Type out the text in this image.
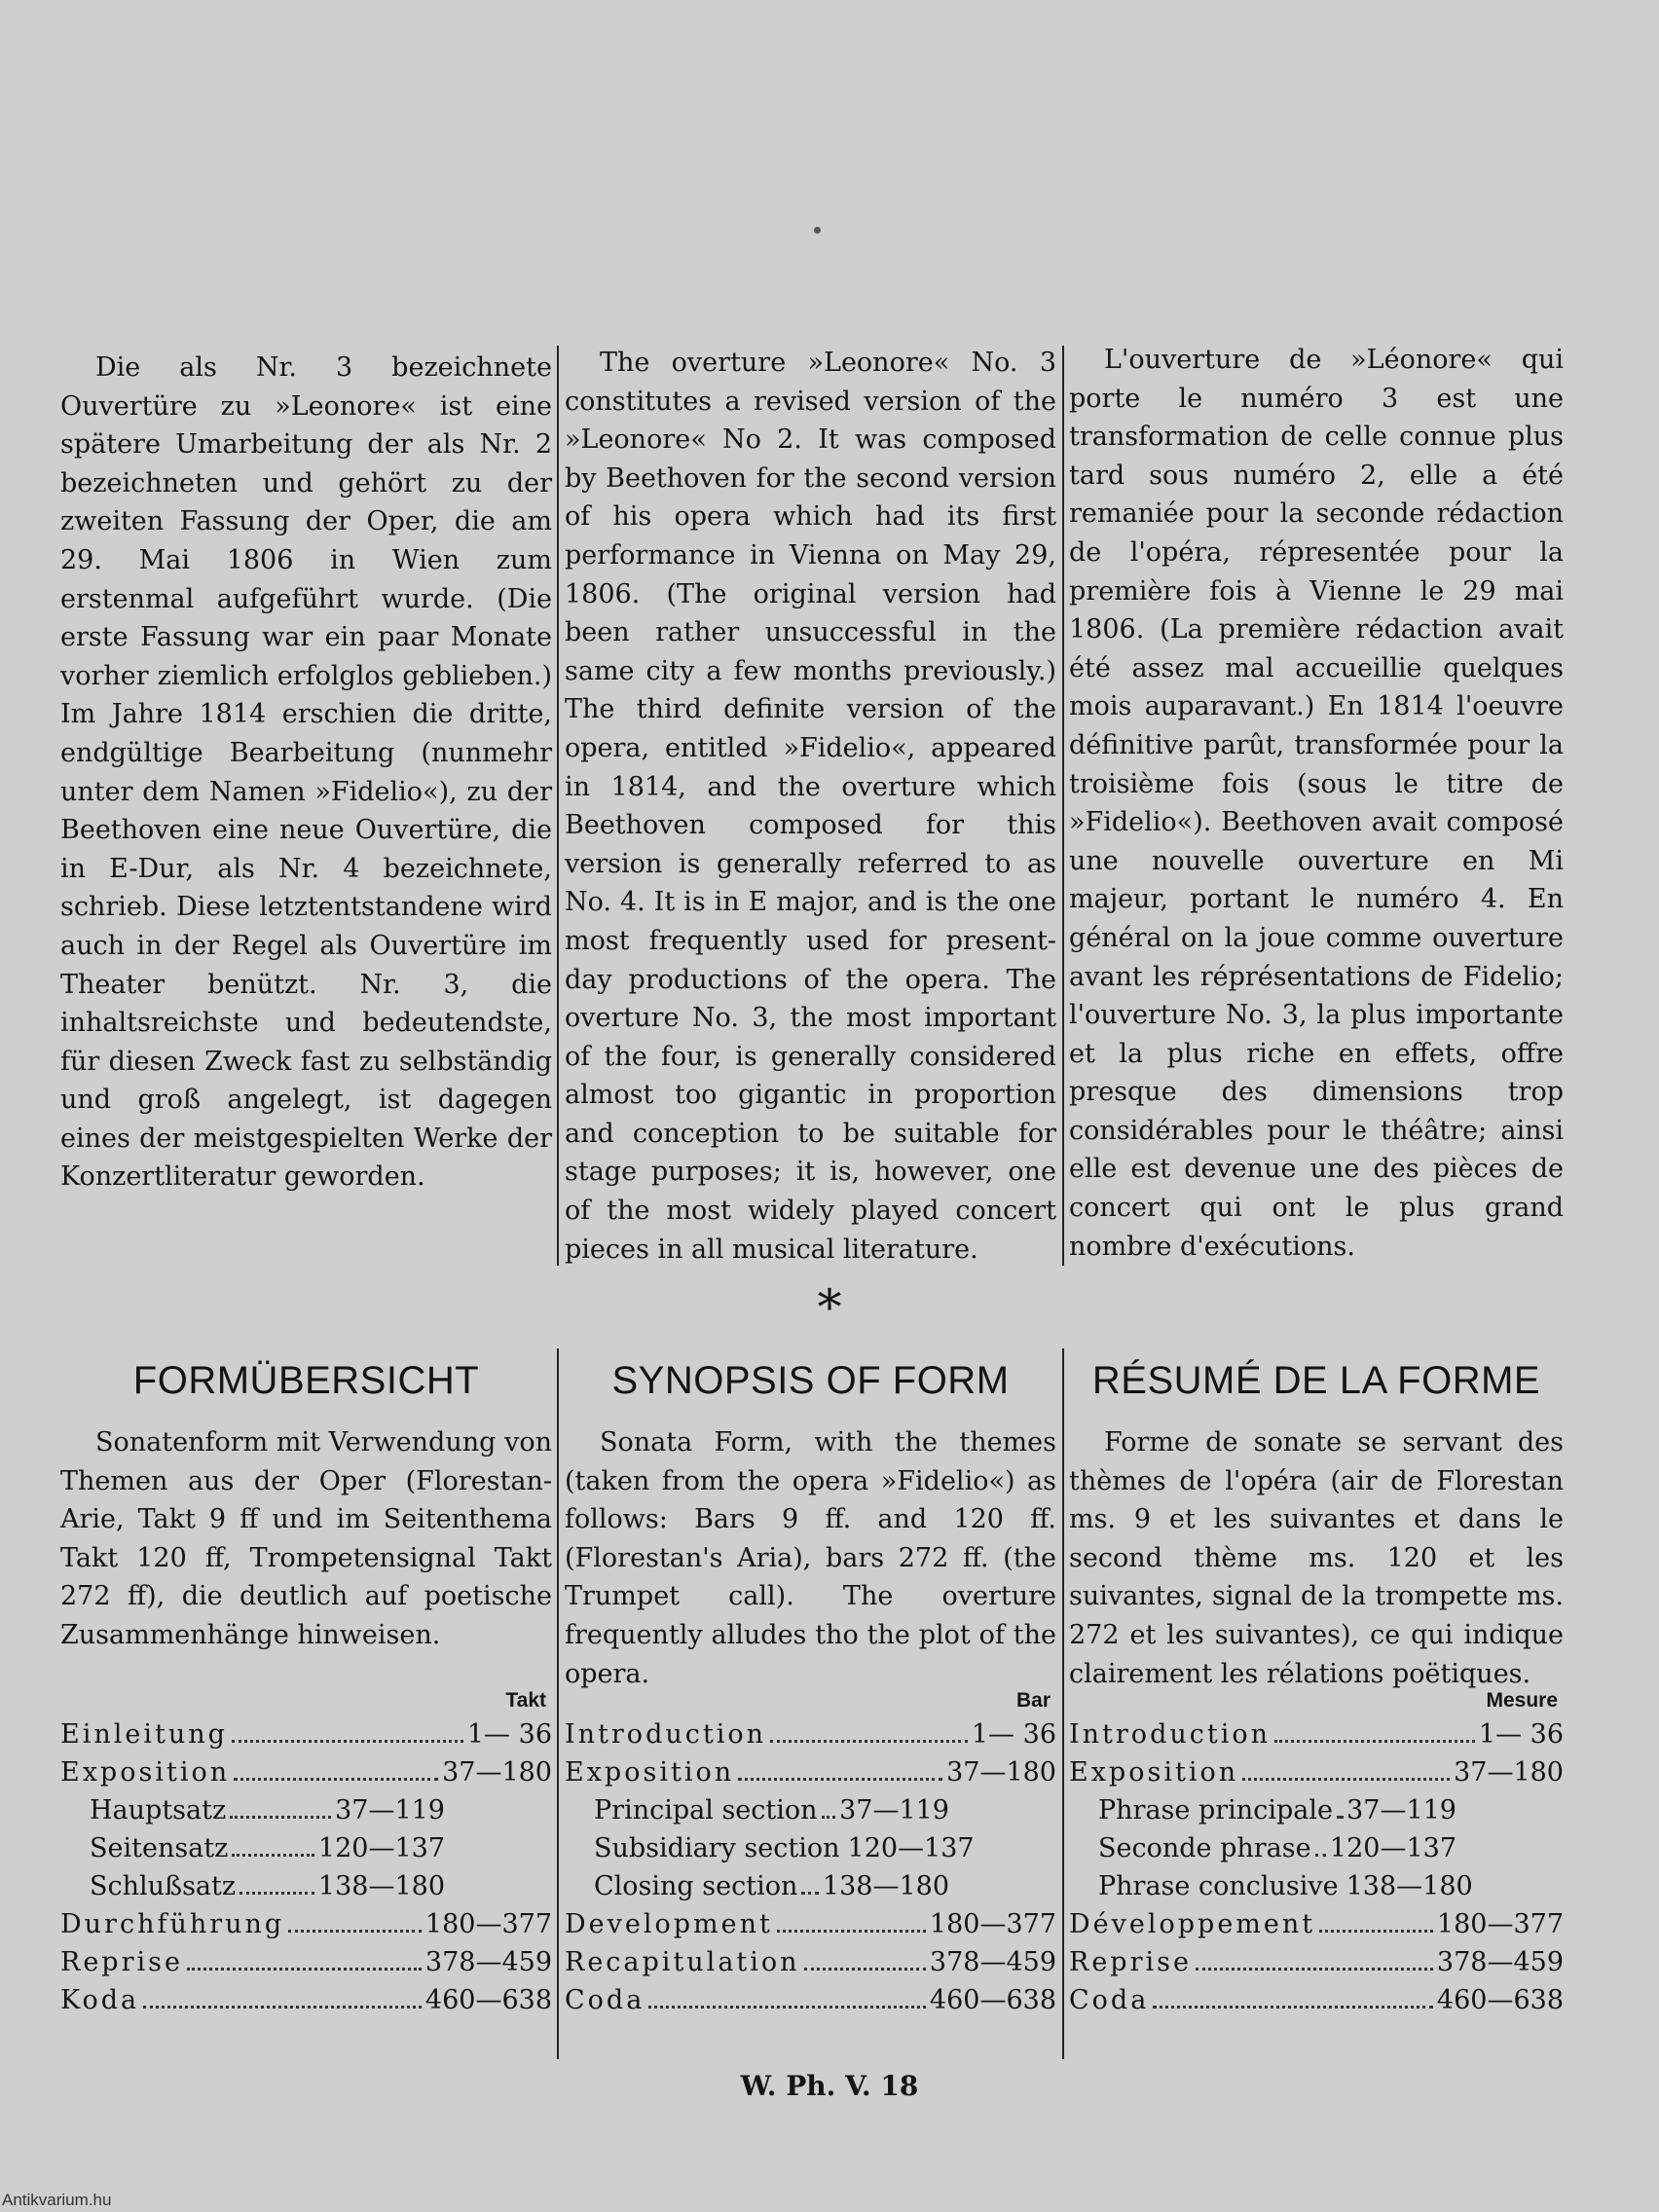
Die als Nr. 3 bezeichnete Ouvertüre zu »Leonore« ist eine spätere Umarbeitung der als Nr. 2 bezeichneten und gehört zu der zweiten Fassung der Oper, die am 29. Mai 1806 in Wien zum erstenmal aufgeführt wurde. (Die erste Fassung war ein paar Monate vorher ziemlich erfolglos geblieben.) Im Jahre 1814 erschien die dritte, endgültige Bearbeitung (nunmehr unter dem Namen »Fidelio«), zu der Beethoven eine neue Ouvertüre, die in E-Dur, als Nr. 4 bezeichnete, schrieb. Diese letztentstandene wird auch in der Regel als Ouvertüre im Theater benützt. Nr. 3, die inhaltsreichste und bedeutendste, für diesen Zweck fast zu selbständig und groß angelegt, ist dagegen eines der meistgespielten Werke der Konzertliteratur geworden.

The overture »Leonore« No. 3 constitutes a revised version of the »Leonore« No 2. It was composed by Beethoven for the second version of his opera which had its first performance in Vienna on May 29, 1806. (The original version had been rather unsuccessful in the same city a few months previously.) The third definite version of the opera, entitled »Fidelio«, appeared in 1814, and the overture which Beethoven composed for this version is generally referred to as No. 4. It is in E major, and is the one most frequently used for present-day productions of the opera. The overture No. 3, the most important of the four, is generally considered almost too gigantic in proportion and conception to be suitable for stage purposes; it is, however, one of the most widely played concert pieces in all musical literature.

L'ouverture de »Léonore« qui porte le numéro 3 est une transformation de celle connue plus tard sous numéro 2, elle a été remaniée pour la seconde rédaction de l'opéra, répresentée pour la première fois à Vienne le 29 mai 1806. (La première rédaction avait été assez mal accueillie quelques mois auparavant.) En 1814 l'oeuvre définitive parût, transformée pour la troisième fois (sous le titre de »Fidelio«). Beethoven avait composé une nouvelle ouverture en Mi majeur, portant le numéro 4. En général on la joue comme ouverture avant les réprésentations de Fidelio; l'ouverture No. 3, la plus importante et la plus riche en effets, offre presque des dimensions trop considérables pour le théâtre; ainsi elle est devenue une des pièces de concert qui ont le plus grand nombre d'exécutions.

*
FORMÜBERSICHT	SYNOPSIS OF FORM	RÉSUMÉ DE LA FORME

Sonatenform mit Verwendung von Themen aus der Oper (Florestan-Arie, Takt 9 ff und im Seitenthema Takt 120 ff, Trompetensignal Takt 272 ff), die deutlich auf poetische Zusammenhänge hinweisen.

Takt
Einleitung	1— 36
Exposition	37—180
Hauptsatz	37—119
Seitensatz	120—137
Schlußsatz	138—180
Durchführung	180—377
Reprise	378—459
Koda	460—638

Sonata Form, with the themes (taken from the opera »Fidelio«) as follows: Bars 9 ff. and 120 ff. (Florestan's Aria), bars 272 ff. (the Trumpet call). The overture frequently alludes tho the plot of the opera.

Bar
Introduction	1— 36
Exposition	37—180
Principal section 37—119
Subsidiary section 120—137
Closing section 138—180
Development	180—377
Recapitulation	378—459
Coda	460—638

Forme de sonate se servant des thèmes de l'opéra (air de Florestan ms. 9 et les suivantes et dans le second thème ms. 120 et les suivantes, signal de la trompette ms. 272 et les suivantes), ce qui indique clairement les rélations poëtiques.

Mesure
Introduction	1— 36
Exposition	37—180
Phrase principale 37—119
Seconde phrase 120—137
Phrase conclusive 138—180
Développement	180—377
Reprise	378—459
Coda	460—638
W. Ph. V. 18
Antikvarium.hu
